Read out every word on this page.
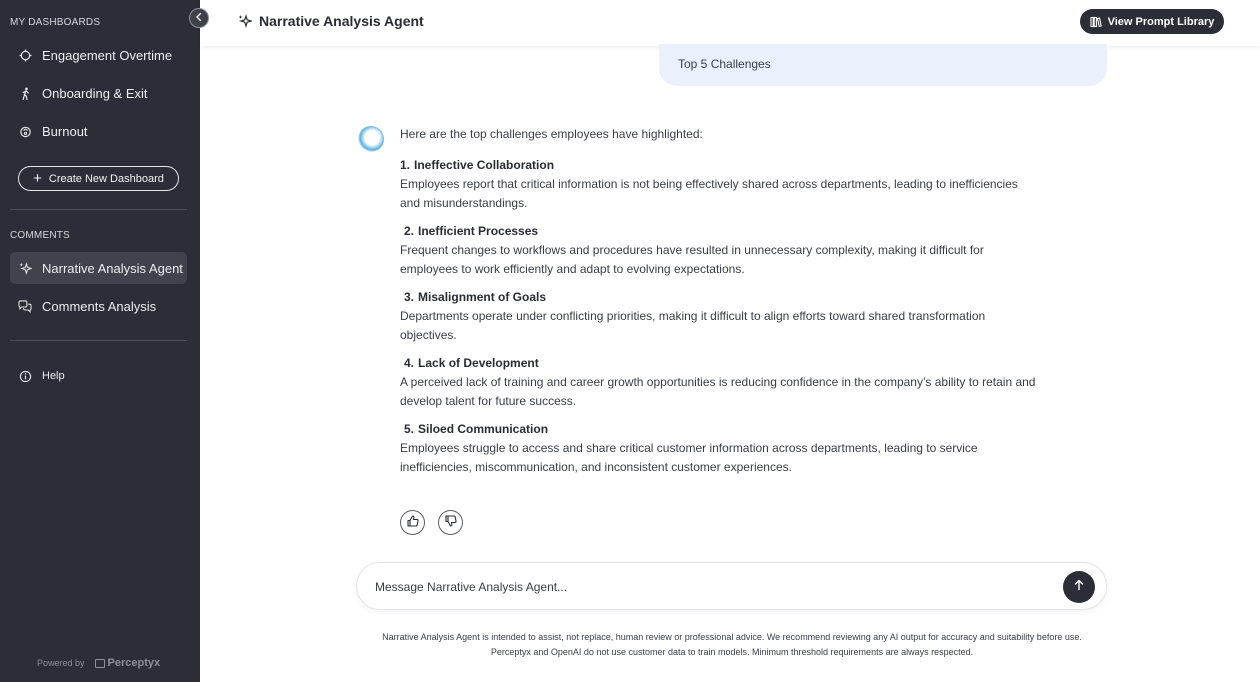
MY DASHBOARDS
Engagement Overtime
Onboarding & Exit
Burnout
+ Create New Dashboard
COMMENTS
Narrative Analysis Agent
Comments Analysis
Help
Powered by Perceptyx
Narrative Analysis Agent	View Prompt Library
Top 5 Challenges
Here are the top challenges employees have highlighted:
1. Ineffective Collaboration
Employees report that critical information is not being effectively shared across departments, leading to inefficiencies and misunderstandings.
2. Inefficient Processes
Frequent changes to workflows and procedures have resulted in unnecessary complexity, making it difficult for employees to work efficiently and adapt to evolving expectations.
3. Misalignment of Goals
Departments operate under conflicting priorities, making it difficult to align efforts toward shared transformation objectives.
4. Lack of Development
A perceived lack of training and career growth opportunities is reducing confidence in the company’s ability to retain and develop talent for future success.
5. Siloed Communication
Employees struggle to access and share critical customer information across departments, leading to service inefficiencies, miscommunication, and inconsistent customer experiences.
Message Narrative Analysis Agent...
Narrative Analysis Agent is intended to assist, not replace, human review or professional advice. We recommend reviewing any AI output for accuracy and suitability before use.
Perceptyx and OpenAI do not use customer data to train models. Minimum threshold requirements are always respected.
